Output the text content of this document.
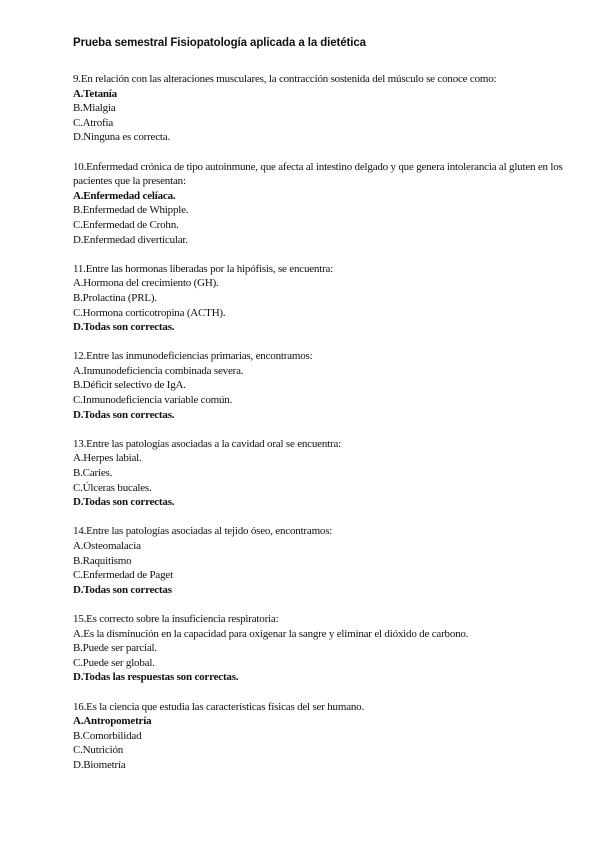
Prueba semestral Fisiopatología aplicada a la dietética
9.En relación con las alteraciones musculares, la contracción sostenida del músculo se conoce como:
A.Tetanía
B.Mialgia
C.Atrofia
D.Ninguna es correcta.
10.Enfermedad crónica de tipo autoinmune, que afecta al intestino delgado y que genera intolerancia al gluten en los pacientes que la presentan:
A.Enfermedad celíaca.
B.Enfermedad de Whipple.
C.Enfermedad de Crohn.
D.Enfermedad diverticular.
11.Entre las hormonas liberadas por la hipófisis, se encuentra:
A.Hormona del crecimiento (GH).
B.Prolactina (PRL).
C.Hormona corticotropina (ACTH).
D.Todas son correctas.
12.Entre las inmunodeficiencias primarias, encontramos:
A.Inmunodeficiencia combinada severa.
B.Déficit selectivo de IgA.
C.Inmunodeficiencia variable común.
D.Todas son correctas.
13.Entre las patologías asociadas a la cavidad oral se encuentra:
A.Herpes labial.
B.Caries.
C.Úlceras bucales.
D.Todas son correctas.
14.Entre las patologías asociadas al tejido óseo, encontramos:
A.Osteomalacia
B.Raquitismo
C.Enfermedad de Paget
D.Todas son correctas
15.Es correcto sobre la insuficiencia respiratoria:
A.Es la disminución en la capacidad para oxigenar la sangre y eliminar el dióxido de carbono.
B.Puede ser parcial.
C.Puede ser global.
D.Todas las respuestas son correctas.
16.Es la ciencia que estudia las características físicas del ser humano.
A.Antropometría
B.Comorbilidad
C.Nutrición
D.Biometría
